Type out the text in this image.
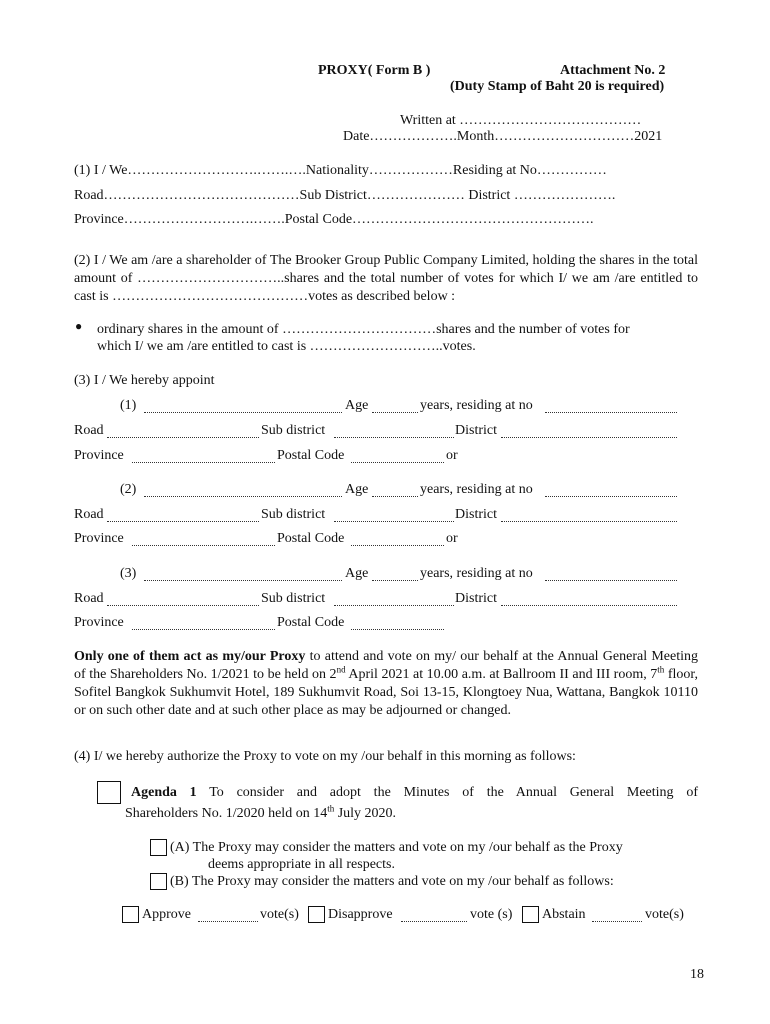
PROXY( Form B )	Attachment No. 2
(Duty Stamp of Baht 20 is required)
Written at …………………………………
Date……………….Month…………………………2021
(1) I / We……………………….…….….Nationality………………Residing at No……………
Road……………………………………Sub District………………… District ………………….
Province……………………….…….Postal Code…………………………………………….
(2) I / We am /are a shareholder of The Brooker Group Public Company Limited, holding the shares in the total amount of …………………………..shares and the total number of votes for which I/ we am /are entitled to cast is ……………………………………votes as described below :
● ordinary shares in the amount of ……………………………shares and the number of votes for
which I/ we am /are entitled to cast is ………………………..votes.
(3) I / We hereby appoint
(1)	Age	years, residing at no
Road	Sub district	District
Province	Postal Code	or
(2)	Age	years, residing at no
Road	Sub district	District
Province	Postal Code	or
(3)	Age	years, residing at no
Road	Sub district	District
Province	Postal Code
Only one of them act as my/our Proxy to attend and vote on my/ our behalf at the Annual General Meeting of the Shareholders No. 1/2021 to be held on 2nd April 2021 at 10.00 a.m. at Ballroom II and III room, 7th floor, Sofitel Bangkok Sukhumvit Hotel, 189 Sukhumvit Road, Soi 13-15, Klongtoey Nua, Wattana, Bangkok 10110 or on such other date and at such other place as may be adjourned or changed.
(4) I/ we hereby authorize the Proxy to vote on my /our behalf in this morning as follows:
Agenda 1 To consider and adopt the Minutes of the Annual General Meeting of
Shareholders No. 1/2020 held on 14th July 2020.
(A) The Proxy may consider the matters and vote on my /our behalf as the Proxy
deems appropriate in all respects.
(B) The Proxy may consider the matters and vote on my /our behalf as follows:
Approve	vote(s) Disapprove	vote (s) Abstain	vote(s)
18
